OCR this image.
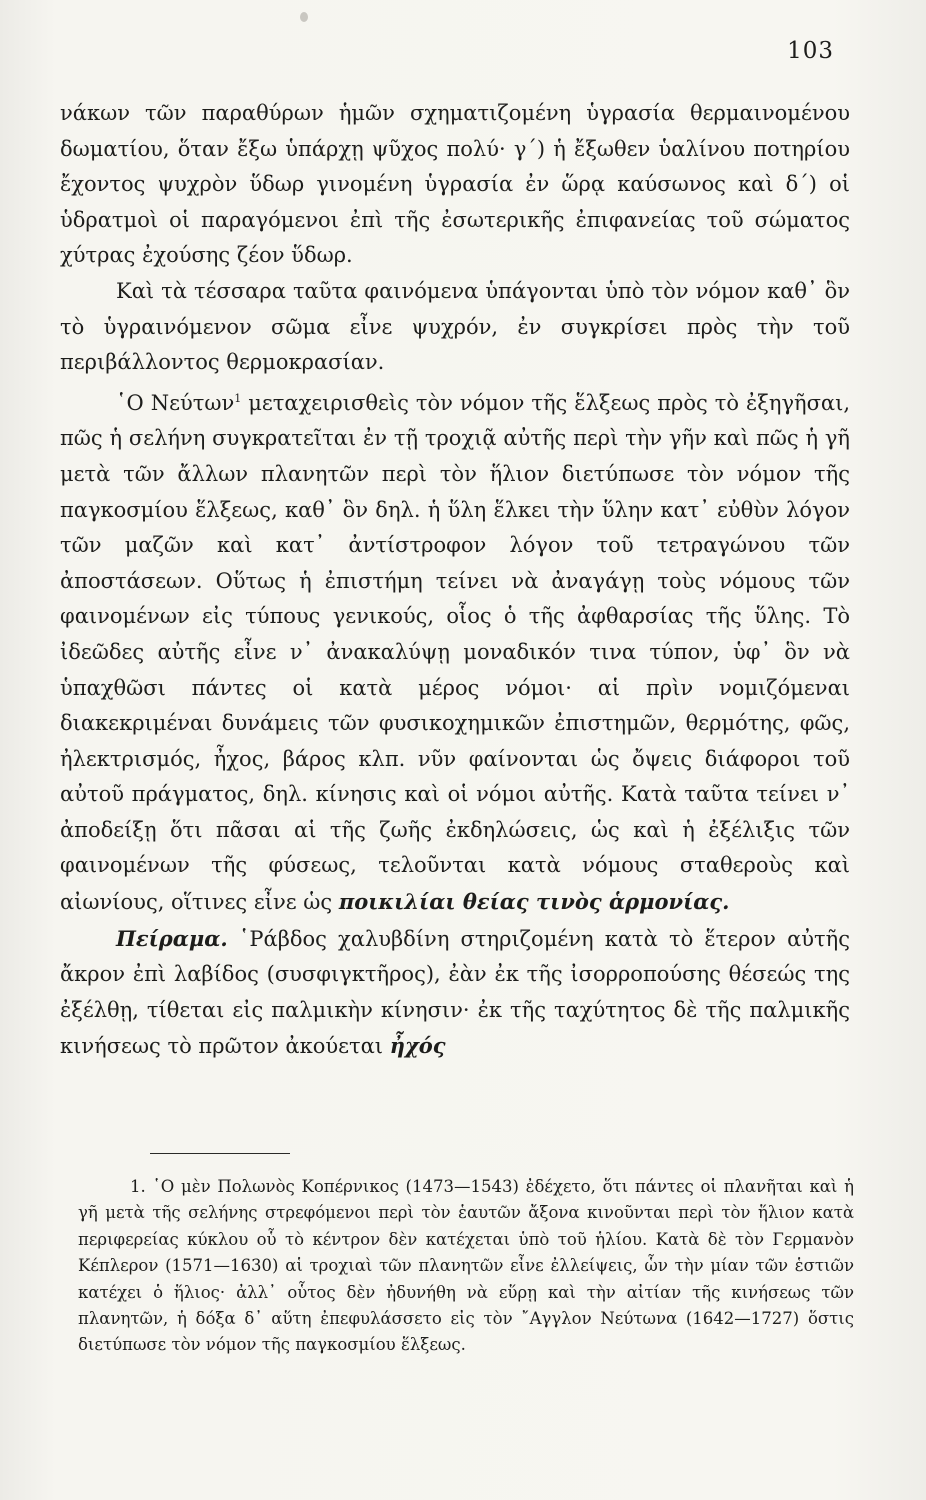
103

νάκων τῶν παραθύρων ἡμῶν σχηματιζομένη ὑγρασία θερμαινομένου δωματίου, ὅταν ἔξω ὑπάρχῃ ψῦχος πολύ· γ΄) ἡ ἔξωθεν ὑαλίνου ποτηρίου ἔχοντος ψυχρὸν ὕδωρ γινομένη ὑγρασία ἐν ὥρᾳ καύσωνος καὶ δ΄) οἱ ὑδρατμοὶ οἱ παραγόμενοι ἐπὶ τῆς ἐσωτερικῆς ἐπιφανείας τοῦ σώματος χύτρας ἐχούσης ζέον ὕδωρ.

Καὶ τὰ τέσσαρα ταῦτα φαινόμενα ὑπάγονται ὑπὸ τὸν νόμον καθ᾽ ὃν τὸ ὑγραινόμενον σῶμα εἶνε ψυχρόν, ἐν συγκρίσει πρὸς τὴν τοῦ περιβάλλοντος θερμοκρασίαν.

῾Ο Νεύτων$^1$ μεταχειρισθεὶς τὸν νόμον τῆς ἕλξεως πρὸς τὸ ἐξηγῆσαι, πῶς ἡ σελήνη συγκρατεῖται ἐν τῇ τροχιᾷ αὐτῆς περὶ τὴν γῆν καὶ πῶς ἡ γῆ μετὰ τῶν ἄλλων πλανητῶν περὶ τὸν ἥλιον διετύπωσε τὸν νόμον τῆς παγκοσμίου ἕλξεως, καθ᾽ ὃν δηλ. ἡ ὕλη ἕλκει τὴν ὕλην κατ᾽ εὐθὺν λόγον τῶν μαζῶν καὶ κατ᾽ ἀντίστροφον λόγον τοῦ τετραγώνου τῶν ἀποστάσεων. Οὕτως ἡ ἐπιστήμη τείνει νὰ ἀναγάγῃ τοὺς νόμους τῶν φαινομένων εἰς τύπους γενικούς, οἷος ὁ τῆς ἀφθαρσίας τῆς ὕλης. Τὸ ἰδεῶδες αὐτῆς εἶνε ν᾽ ἀνακαλύψῃ μοναδικόν τινα τύπον, ὑφ᾽ ὃν νὰ ὑπαχθῶσι πάντες οἱ κατὰ μέρος νόμοι· αἱ πρὶν νομιζόμεναι διακεκριμέναι δυνάμεις τῶν φυσικοχημικῶν ἐπιστημῶν, θερμότης, φῶς, ἠλεκτρισμός, ἦχος, βάρος κλπ. νῦν φαίνονται ὡς ὄψεις διάφοροι τοῦ αὐτοῦ πράγματος, δηλ. κίνησις καὶ οἱ νόμοι αὐτῆς. Κατὰ ταῦτα τείνει ν᾽ ἀποδείξῃ ὅτι πᾶσαι αἱ τῆς ζωῆς ἐκδηλώσεις, ὡς καὶ ἡ ἐξέλιξις τῶν φαινομένων τῆς φύσεως, τελοῦνται κατὰ νόμους σταθεροὺς καὶ αἰωνίους, οἵτινες εἶνε ὡς ποικιλίαι θείας τινὸς ἁρμονίας.

Πείραμα. ῾Ράβδος χαλυβδίνη στηριζομένη κατὰ τὸ ἕτερον αὐτῆς ἄκρον ἐπὶ λαβίδος (συσφιγκτῆρος), ἐὰν ἐκ τῆς ἰσορροπούσης θέσεώς της ἐξέλθῃ, τίθεται εἰς παλμικὴν κίνησιν· ἐκ τῆς ταχύτητος δὲ τῆς παλμικῆς κινήσεως τὸ πρῶτον ἀκούεται ἦχός

1. ῾Ο μὲν Πολωνὸς Κοπέρνικος (1473—1543) ἐδέχετο, ὅτι πάντες οἱ πλανῆται καὶ ἡ γῆ μετὰ τῆς σελήνης στρεφόμενοι περὶ τὸν ἑαυτῶν ἄξονα κινοῦνται περὶ τὸν ἥλιον κατὰ περιφερείας κύκλου οὗ τὸ κέντρον δὲν κατέχεται ὑπὸ τοῦ ἡλίου. Κατὰ δὲ τὸν Γερμανὸν Κέπλερον (1571—1630) αἱ τροχιαὶ τῶν πλανητῶν εἶνε ἐλλείψεις, ὧν τὴν μίαν τῶν ἑστιῶν κατέχει ὁ ἥλιος· ἀλλ᾽ οὗτος δὲν ἠδυνήθη νὰ εὕρῃ καὶ τὴν αἰτίαν τῆς κινήσεως τῶν πλανητῶν, ἡ δόξα δ᾽ αὕτη ἐπεφυλάσσετο εἰς τὸν ῎Αγγλον Νεύτωνα (1642—1727) ὅστις διετύπωσε τὸν νόμον τῆς παγκοσμίου ἕλξεως.
